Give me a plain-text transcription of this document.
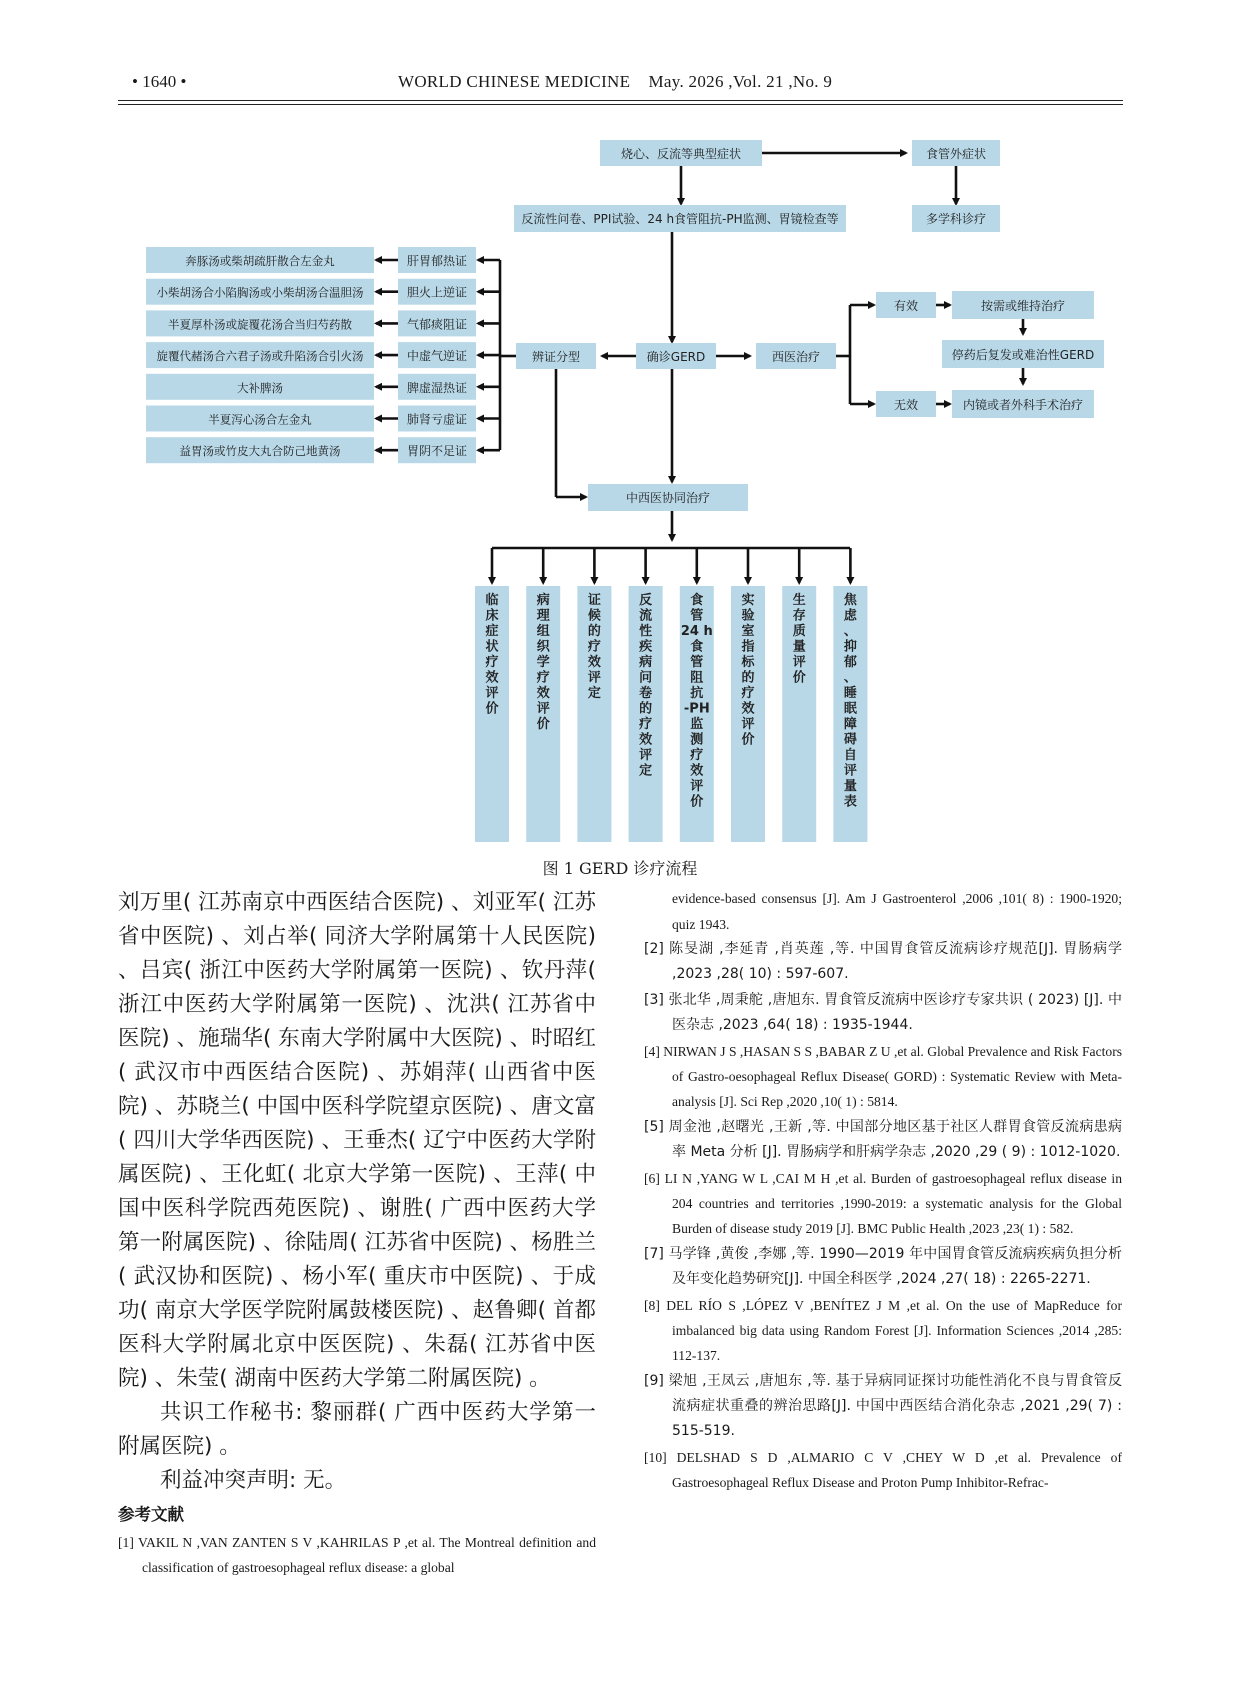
• 1640 •	WORLD CHINESE MEDICINE    May. 2026 ,Vol. 21 ,No. 9
烧心、反流等典型症状	食管外症状
反流性问卷、PPI试验、24 h食管阻抗-PH监测、胃镜检查等	多学科诊疗
辨证分型	确诊GERD	西医治疗
有效
无效
按需或维持治疗
停药后复发或难治性GERD
内镜或者外科手术治疗
肝胃郁热证
奔豚汤或柴胡疏肝散合左金丸
胆火上逆证
小柴胡汤合小陷胸汤或小柴胡汤合温胆汤
气郁痰阻证
半夏厚朴汤或旋覆花汤合当归芍药散
中虚气逆证
旋覆代赭汤合六君子汤或升陷汤合引火汤
脾虚湿热证
大补脾汤
肺肾亏虚证
半夏泻心汤合左金丸
胃阴不足证
益胃汤或竹皮大丸合防己地黄汤
中西医协同治疗
临床症状疗效评价
病理组织学疗效评价
证候的疗效评定
反流性疾病问卷的疗效评定
食管 24 h 食管阻抗-PH 监测疗效评价
实验室指标的疗效评价
生存质量评价
焦虑、抑郁、睡眠障碍自评量表
图 1 GERD 诊疗流程

刘万里( 江苏南京中西医结合医院) 、刘亚军( 江苏省中医院) 、刘占举( 同济大学附属第十人民医院) 、吕宾( 浙江中医药大学附属第一医院) 、钦丹萍( 浙江中医药大学附属第一医院) 、沈洪( 江苏省中医院) 、施瑞华( 东南大学附属中大医院) 、时昭红( 武汉市中西医结合医院) 、苏娟萍( 山西省中医院) 、苏晓兰( 中国中医科学院望京医院) 、唐文富( 四川大学华西医院) 、王垂杰( 辽宁中医药大学附属医院) 、王化虹( 北京大学第一医院) 、王萍( 中国中医科学院西苑医院) 、谢胜( 广西中医药大学第一附属医院) 、徐陆周( 江苏省中医院) 、杨胜兰( 武汉协和医院) 、杨小军( 重庆市中医院) 、于成功( 南京大学医学院附属鼓楼医院) 、赵鲁卿( 首都医科大学附属北京中医医院) 、朱磊( 江苏省中医院) 、朱莹( 湖南中医药大学第二附属医院) 。

共识工作秘书: 黎丽群( 广西中医药大学第一附属医院) 。

利益冲突声明: 无。

参考文献

[1] VAKIL N ,VAN ZANTEN S V ,KAHRILAS P ,et al. The Montreal definition and classification of gastroesophageal reflux disease: a global

evidence-based consensus [J]. Am J Gastroenterol ,2006 ,101( 8) : 1900-1920; quiz 1943.
[2] 陈旻湖 ,李延青 ,肖英莲 ,等. 中国胃食管反流病诊疗规范[J]. 胃肠病学 ,2023 ,28( 10) : 597-607.
[3] 张北华 ,周秉舵 ,唐旭东. 胃食管反流病中医诊疗专家共识 ( 2023) [J]. 中医杂志 ,2023 ,64( 18) : 1935-1944.
[4] NIRWAN J S ,HASAN S S ,BABAR Z U ,et al. Global Prevalence and Risk Factors of Gastro-oesophageal Reflux Disease( GORD) : Systematic Review with Meta-analysis [J]. Sci Rep ,2020 ,10( 1) : 5814.
[5] 周金池 ,赵曙光 ,王新 ,等. 中国部分地区基于社区人群胃食管反流病患病率 Meta 分析 [J]. 胃肠病学和肝病学杂志 ,2020 ,29 ( 9) : 1012-1020.
[6] LI N ,YANG W L ,CAI M H ,et al. Burden of gastroesophageal reflux disease in 204 countries and territories ,1990-2019: a systematic analysis for the Global Burden of disease study 2019 [J]. BMC Public Health ,2023 ,23( 1) : 582.
[7] 马学锋 ,黄俊 ,李娜 ,等. 1990—2019 年中国胃食管反流病疾病负担分析及年变化趋势研究[J]. 中国全科医学 ,2024 ,27( 18) : 2265-2271.
[8] DEL RÍO S ,LÓPEZ V ,BENÍTEZ J M ,et al. On the use of MapReduce for imbalanced big data using Random Forest [J]. Information Sciences ,2014 ,285: 112-137.
[9] 梁旭 ,王凤云 ,唐旭东 ,等. 基于异病同证探讨功能性消化不良与胃食管反流病症状重叠的辨治思路[J]. 中国中西医结合消化杂志 ,2021 ,29( 7) : 515-519.
[10] DELSHAD S D ,ALMARIO C V ,CHEY W D ,et al. Prevalence of Gastroesophageal Reflux Disease and Proton Pump Inhibitor-Refrac-
